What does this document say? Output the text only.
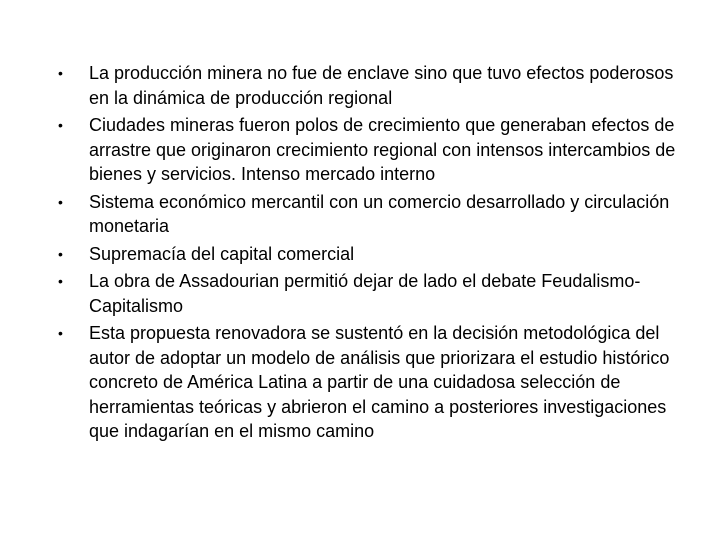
• La producción minera no fue de enclave sino que tuvo efectos poderosos en la dinámica de producción regional
• Ciudades mineras fueron polos de crecimiento que generaban efectos de arrastre que originaron crecimiento regional con intensos intercambios de bienes y servicios. Intenso mercado interno
• Sistema económico mercantil con un comercio desarrollado y circulación monetaria
• Supremacía del capital comercial
• La obra de Assadourian permitió dejar de lado el debate Feudalismo-Capitalismo
• Esta propuesta renovadora se sustentó en la decisión metodológica del autor de adoptar un modelo de análisis que priorizara el estudio histórico concreto de América Latina a partir de una cuidadosa selección de herramientas teóricas y abrieron el camino a posteriores investigaciones que indagarían en el mismo camino
